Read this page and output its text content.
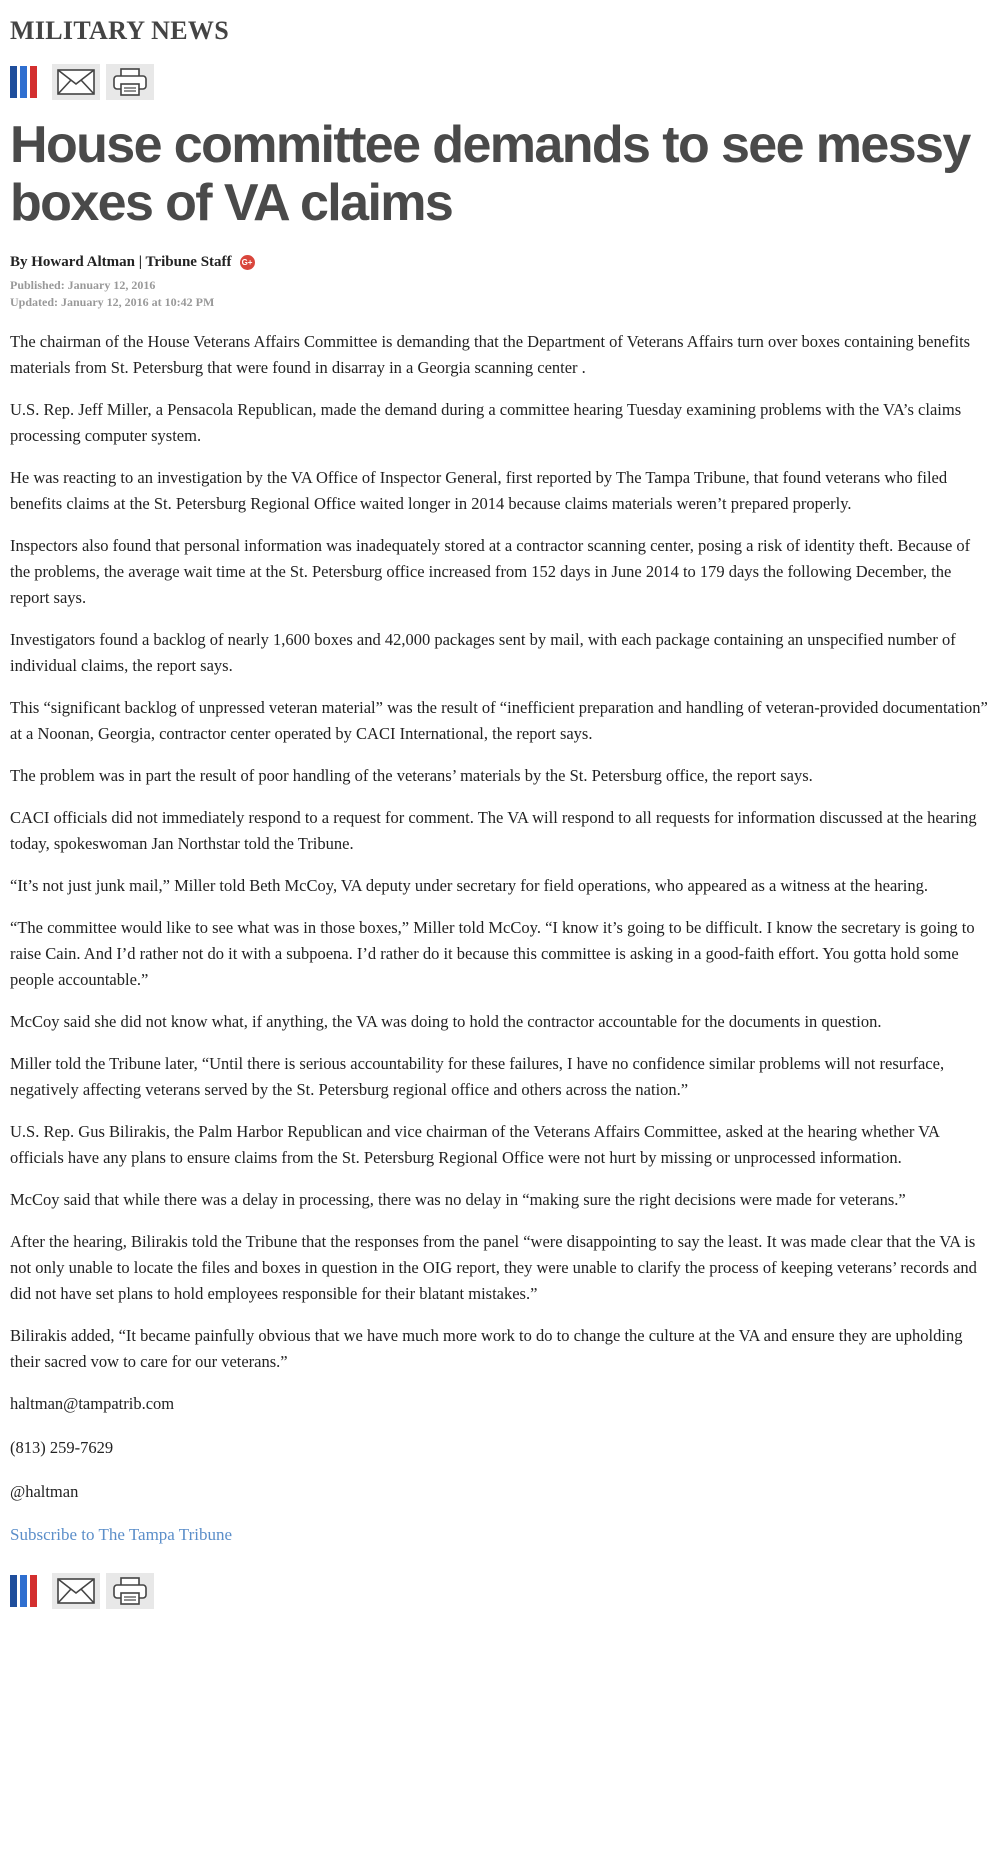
MILITARY NEWS
House committee demands to see messy boxes of VA claims
By Howard Altman | Tribune Staff G+
Published: January 12, 2016
Updated: January 12, 2016 at 10:42 PM

The chairman of the House Veterans Affairs Committee is demanding that the Department of Veterans Affairs turn over boxes containing benefits materials from St. Petersburg that were found in disarray in a Georgia scanning center .

U.S. Rep. Jeff Miller, a Pensacola Republican, made the demand during a committee hearing Tuesday examining problems with the VA’s claims processing computer system.

He was reacting to an investigation by the VA Office of Inspector General, first reported by The Tampa Tribune, that found veterans who filed benefits claims at the St. Petersburg Regional Office waited longer in 2014 because claims materials weren’t prepared properly.

Inspectors also found that personal information was inadequately stored at a contractor scanning center, posing a risk of identity theft. Because of the problems, the average wait time at the St. Petersburg office increased from 152 days in June 2014 to 179 days the following December, the report says.

Investigators found a backlog of nearly 1,600 boxes and 42,000 packages sent by mail, with each package containing an unspecified number of individual claims, the report says.

This “significant backlog of unpressed veteran material” was the result of “inefficient preparation and handling of veteran-provided documentation” at a Noonan, Georgia, contractor center operated by CACI International, the report says.

The problem was in part the result of poor handling of the veterans’ materials by the St. Petersburg office, the report says.

CACI officials did not immediately respond to a request for comment. The VA will respond to all requests for information discussed at the hearing today, spokeswoman Jan Northstar told the Tribune.

“It’s not just junk mail,” Miller told Beth McCoy, VA deputy under secretary for field operations, who appeared as a witness at the hearing.

“The committee would like to see what was in those boxes,” Miller told McCoy. “I know it’s going to be difficult. I know the secretary is going to raise Cain. And I’d rather not do it with a subpoena. I’d rather do it because this committee is asking in a good-faith effort. You gotta hold some people accountable.”

McCoy said she did not know what, if anything, the VA was doing to hold the contractor accountable for the documents in question.

Miller told the Tribune later, “Until there is serious accountability for these failures, I have no confidence similar problems will not resurface, negatively affecting veterans served by the St. Petersburg regional office and others across the nation.”

U.S. Rep. Gus Bilirakis, the Palm Harbor Republican and vice chairman of the Veterans Affairs Committee, asked at the hearing whether VA officials have any plans to ensure claims from the St. Petersburg Regional Office were not hurt by missing or unprocessed information.

McCoy said that while there was a delay in processing, there was no delay in “making sure the right decisions were made for veterans.”

After the hearing, Bilirakis told the Tribune that the responses from the panel “were disappointing to say the least. It was made clear that the VA is not only unable to locate the files and boxes in question in the OIG report, they were unable to clarify the process of keeping veterans’ records and did not have set plans to hold employees responsible for their blatant mistakes.”

Bilirakis added, “It became painfully obvious that we have much more work to do to change the culture at the VA and ensure they are upholding their sacred vow to care for our veterans.”

haltman@tampatrib.com

(813) 259-7629

@haltman

Subscribe to The Tampa Tribune
